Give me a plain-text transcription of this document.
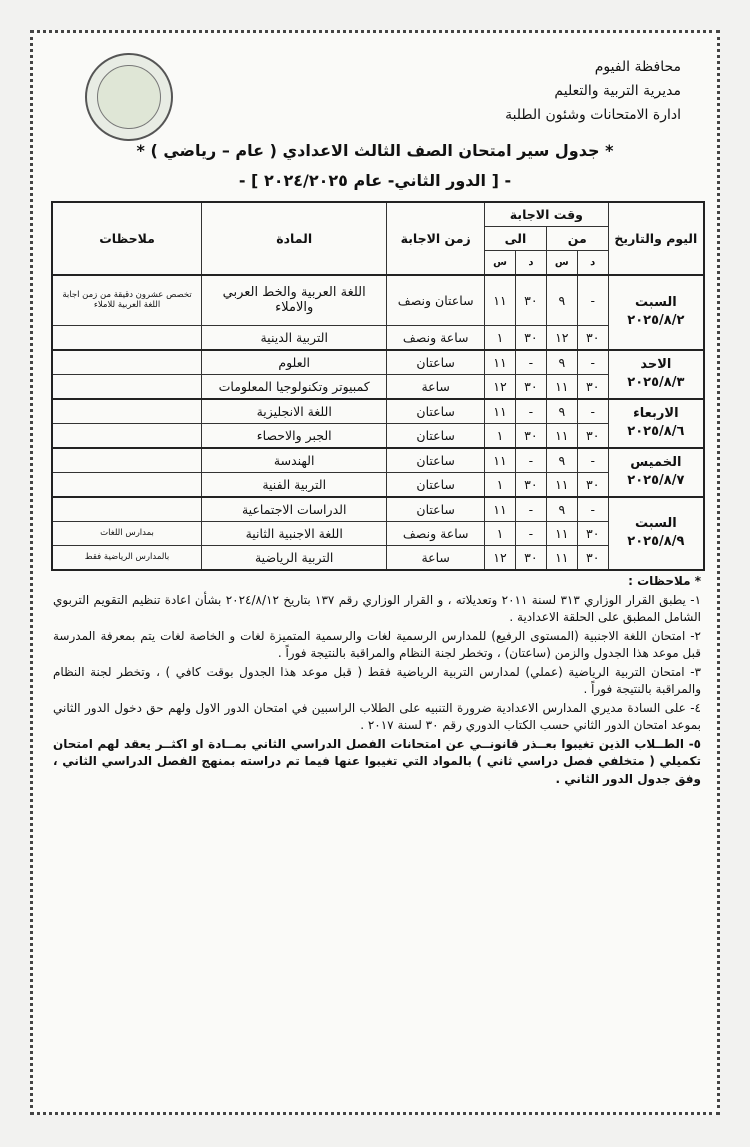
محافظة الفيوم
مديرية التربية والتعليم
ادارة الامتحانات وشئون الطلبة
* جدول سير امتحان الصف الثالث الاعدادي ( عام – رياضي ) *
- [ الدور الثاني- عام ٢٠٢٤/٢٠٢٥ ] -
اليوم والتاريخ	وقت الاجابة				زمن الاجابة	المادة	ملاحظات
	من		الى				
	د	س	د	س			
السبت
٢٠٢٥/٨/٢	-	٩	٣٠	١١	ساعتان ونصف	اللغة العربية والخط العربي والاملاء	تخصص عشرون دقيقة من زمن اجابة اللغة العربية للاملاء
	٣٠	١٢	٣٠	١	ساعة ونصف	التربية الدينية	
الاحد
٢٠٢٥/٨/٣	-	٩	-	١١	ساعتان	العلوم	
	٣٠	١١	٣٠	١٢	ساعة	كمبيوتر وتكنولوجيا المعلومات	
الاربعاء
٢٠٢٥/٨/٦	-	٩	-	١١	ساعتان	اللغة الانجليزية	
	٣٠	١١	٣٠	١	ساعتان	الجبر والاحصاء	
الخميس
٢٠٢٥/٨/٧	-	٩	-	١١	ساعتان	الهندسة	
	٣٠	١١	٣٠	١	ساعتان	التربية الفنية	
السبت
٢٠٢٥/٨/٩	-	٩	-	١١	ساعتان	الدراسات الاجتماعية	
	٣٠	١١	-	١	ساعة ونصف	اللغة الاجنبية الثانية	بمدارس اللغات
	٣٠	١١	٣٠	١٢	ساعة	التربية الرياضية	بالمدارس الرياضية فقط
* ملاحظات :

١- يطبق القرار الوزاري ٣١٣ لسنة ٢٠١١ وتعديلاته ، و القرار الوزاري رقم ١٣٧ بتاريخ ٢٠٢٤/٨/١٢ بشأن اعادة تنظيم التقويم التربوي الشامل المطبق على الحلقة الاعدادية .

٢- امتحان اللغة الاجنبية (المستوى الرفيع) للمدارس الرسمية لغات والرسمية المتميزة لغات و الخاصة لغات يتم بمعرفة المدرسة قبل موعد هذا الجدول والزمن (ساعتان) ، وتخطر لجنة النظام والمراقبة بالنتيجة فوراً .

٣- امتحان التربية الرياضية (عملي) لمدارس التربية الرياضية فقط ( قبل موعد هذا الجدول بوقت كافي ) ، وتخطر لجنة النظام والمراقبة بالنتيجة فوراً .

٤- على السادة مديري المدارس الاعدادية ضرورة التنبيه على الطلاب الراسبين في امتحان الدور الاول ولهم حق دخول الدور الثاني بموعد امتحان الدور الثاني حسب الكتاب الدوري رقم ٣٠ لسنة ٢٠١٧ .

٥- الطــلاب الذين تغيبوا بعــذر قانونــي عن امتحانات الفصل الدراسي الثاني بمــادة او اكثــر يعقد لهم امتحان تكميلي ( متخلفي فصل دراسي ثاني ) بالمواد التي تغيبوا عنها فيما تم دراسته بمنهج الفصل الدراسي الثاني ، وفق جدول الدور الثاني .
